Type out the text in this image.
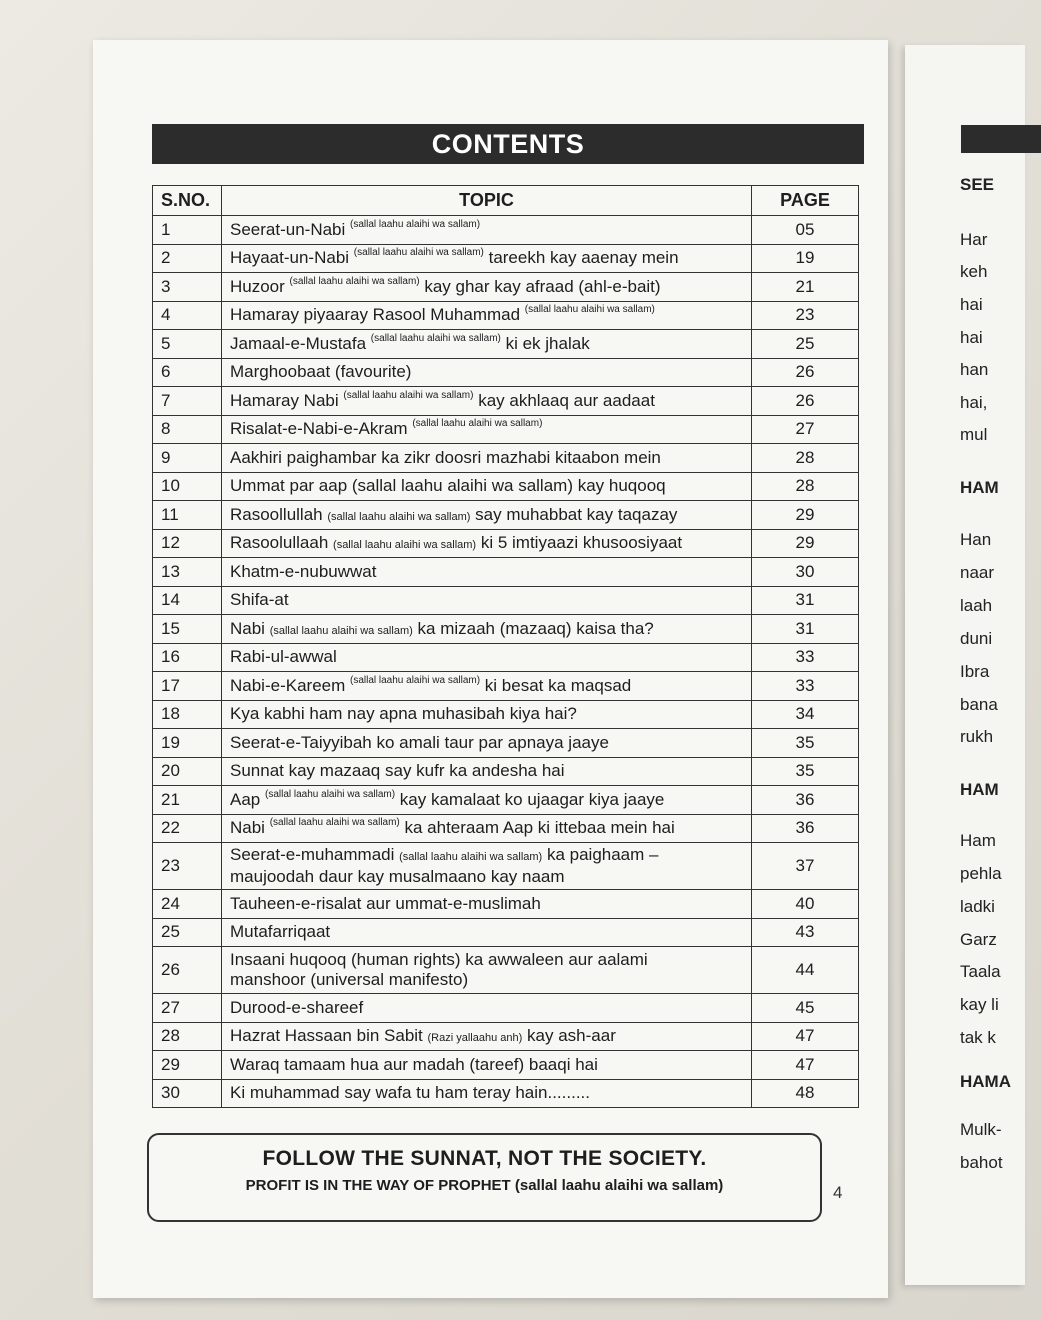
CONTENTS
S.NO.	TOPIC	PAGE
1	Seerat-un-Nabi $^{(sallal laahu alaihi wa sallam)}$	05
2	Hayaat-un-Nabi $^{(sallal laahu alaihi wa sallam)}$ tareekh kay aaenay mein	19
3	Huzoor $^{(sallal laahu alaihi wa sallam)}$ kay ghar kay afraad (ahl-e-bait)	21
4	Hamaray piyaaray Rasool Muhammad $^{(sallal laahu alaihi wa sallam)}$	23
5	Jamaal-e-Mustafa $^{(sallal laahu alaihi wa sallam)}$ ki ek jhalak	25
6	Marghoobaat (favourite)	26
7	Hamaray Nabi $^{(sallal laahu alaihi wa sallam)}$ kay akhlaaq aur aadaat	26
8	Risalat-e-Nabi-e-Akram $^{(sallal laahu alaihi wa sallam)}$	27
9	Aakhiri paighambar ka zikr doosri mazhabi kitaabon mein	28
10	Ummat par aap (sallal laahu alaihi wa sallam) kay huqooq	28
11	Rasoollullah (sallal laahu alaihi wa sallam) say muhabbat kay taqazay	29
12	Rasoolullaah (sallal laahu alaihi wa sallam) ki 5 imtiyaazi khusoosiyaat	29
13	Khatm-e-nubuwwat	30
14	Shifa-at	31
15	Nabi (sallal laahu alaihi wa sallam) ka mizaah (mazaaq) kaisa tha?	31
16	Rabi-ul-awwal	33
17	Nabi-e-Kareem $^{(sallal laahu alaihi wa sallam)}$ ki besat ka maqsad	33
18	Kya kabhi ham nay apna muhasibah kiya hai?	34
19	Seerat-e-Taiyyibah ko amali taur par apnaya jaaye	35
20	Sunnat kay mazaaq say kufr ka andesha hai	35
21	Aap $^{(sallal laahu alaihi wa sallam)}$ kay kamalaat ko ujaagar kiya jaaye	36
22	Nabi $^{(sallal laahu alaihi wa sallam)}$ ka ahteraam Aap ki ittebaa mein hai	36
23	Seerat-e-muhammadi (sallal laahu alaihi wa sallam) ka paighaam –
maujoodah daur kay musalmaano kay naam	37
24	Tauheen-e-risalat aur ummat-e-muslimah	40
25	Mutafarriqaat	43
26	Insaani huqooq (human rights) ka awwaleen aur aalami
manshoor (universal manifesto)	44
27	Durood-e-shareef	45
28	Hazrat Hassaan bin Sabit (Razi yallaahu anh) kay ash-aar	47
29	Waraq tamaam hua aur madah (tareef) baaqi hai	47
30	Ki muhammad say wafa tu ham teray hain.........	48
FOLLOW THE SUNNAT, NOT THE SOCIETY.
PROFIT IS IN THE WAY OF PROPHET (sallal laahu alaihi wa sallam)	4
SEE
Har
keh
hai
hai
han
hai,
mul
HAM
Han
naar
laah
duni
Ibra
bana
rukh
HAM
Ham
pehla
ladki
Garz
Taala
kay li
tak k
HAMA
Mulk-
bahot
